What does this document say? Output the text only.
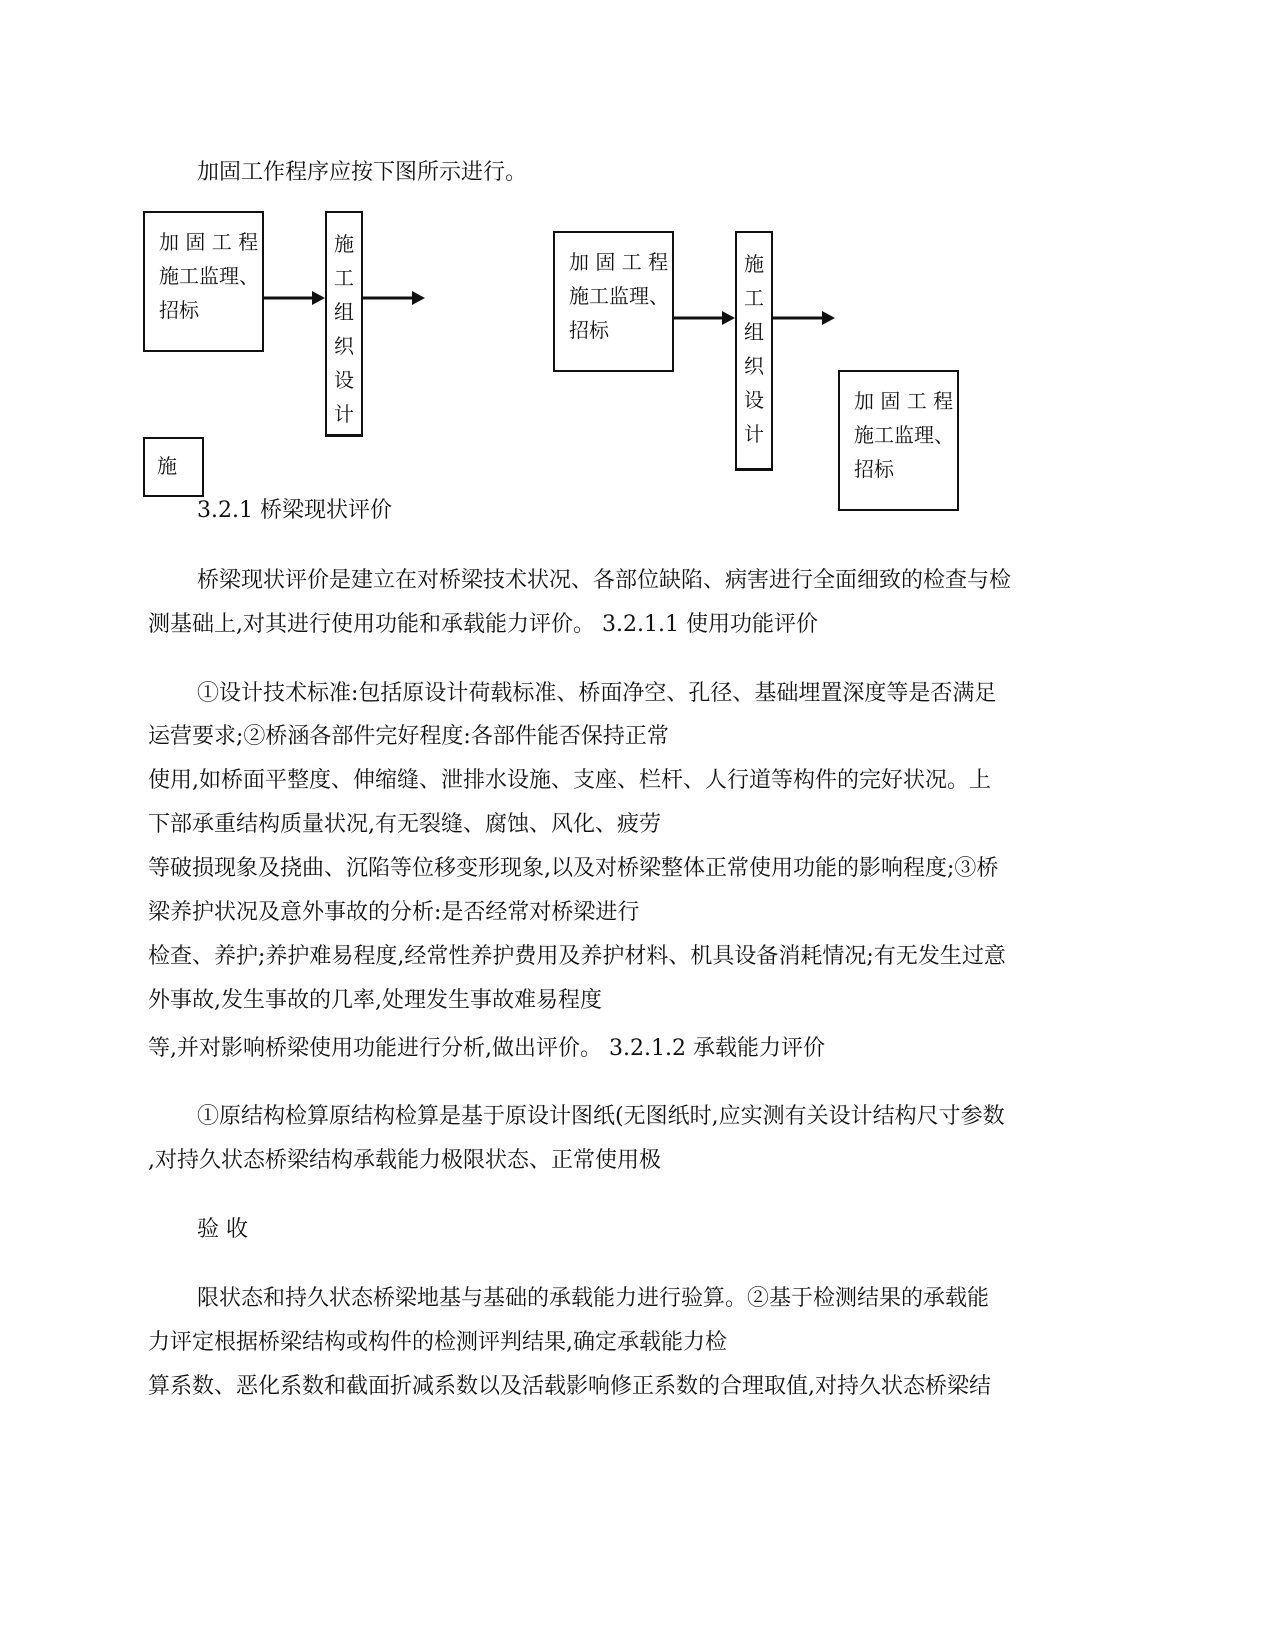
加固工作程序应按下图所示进行。
加 固 工 程
施工监理、
招标
施
工
组
织
设
计
施
加 固 工 程
施工监理、
招标
施
工
组
织
设
计
加 固 工 程
施工监理、
招标
3.2.1 桥梁现状评价
桥梁现状评价是建立在对桥梁技术状况、各部位缺陷、病害进行全面细致的检查与检
测基础上,对其进行使用功能和承载能力评价。 3.2.1.1 使用功能评价
①设计技术标准:包括原设计荷载标准、桥面净空、孔径、基础埋置深度等是否满足
运营要求;②桥涵各部件完好程度:各部件能否保持正常
使用,如桥面平整度、伸缩缝、泄排水设施、支座、栏杆、人行道等构件的完好状况。上
下部承重结构质量状况,有无裂缝、腐蚀、风化、疲劳
等破损现象及挠曲、沉陷等位移变形现象,以及对桥梁整体正常使用功能的影响程度;③桥
梁养护状况及意外事故的分析:是否经常对桥梁进行
检查、养护;养护难易程度,经常性养护费用及养护材料、机具设备消耗情况;有无发生过意
外事故,发生事故的几率,处理发生事故难易程度
等,并对影响桥梁使用功能进行分析,做出评价。 3.2.1.2 承载能力评价
①原结构检算原结构检算是基于原设计图纸(无图纸时,应实测有关设计结构尺寸参数
,对持久状态桥梁结构承载能力极限状态、正常使用极
验 收
限状态和持久状态桥梁地基与基础的承载能力进行验算。②基于检测结果的承载能
力评定根据桥梁结构或构件的检测评判结果,确定承载能力检
算系数、恶化系数和截面折减系数以及活载影响修正系数的合理取值,对持久状态桥梁结
